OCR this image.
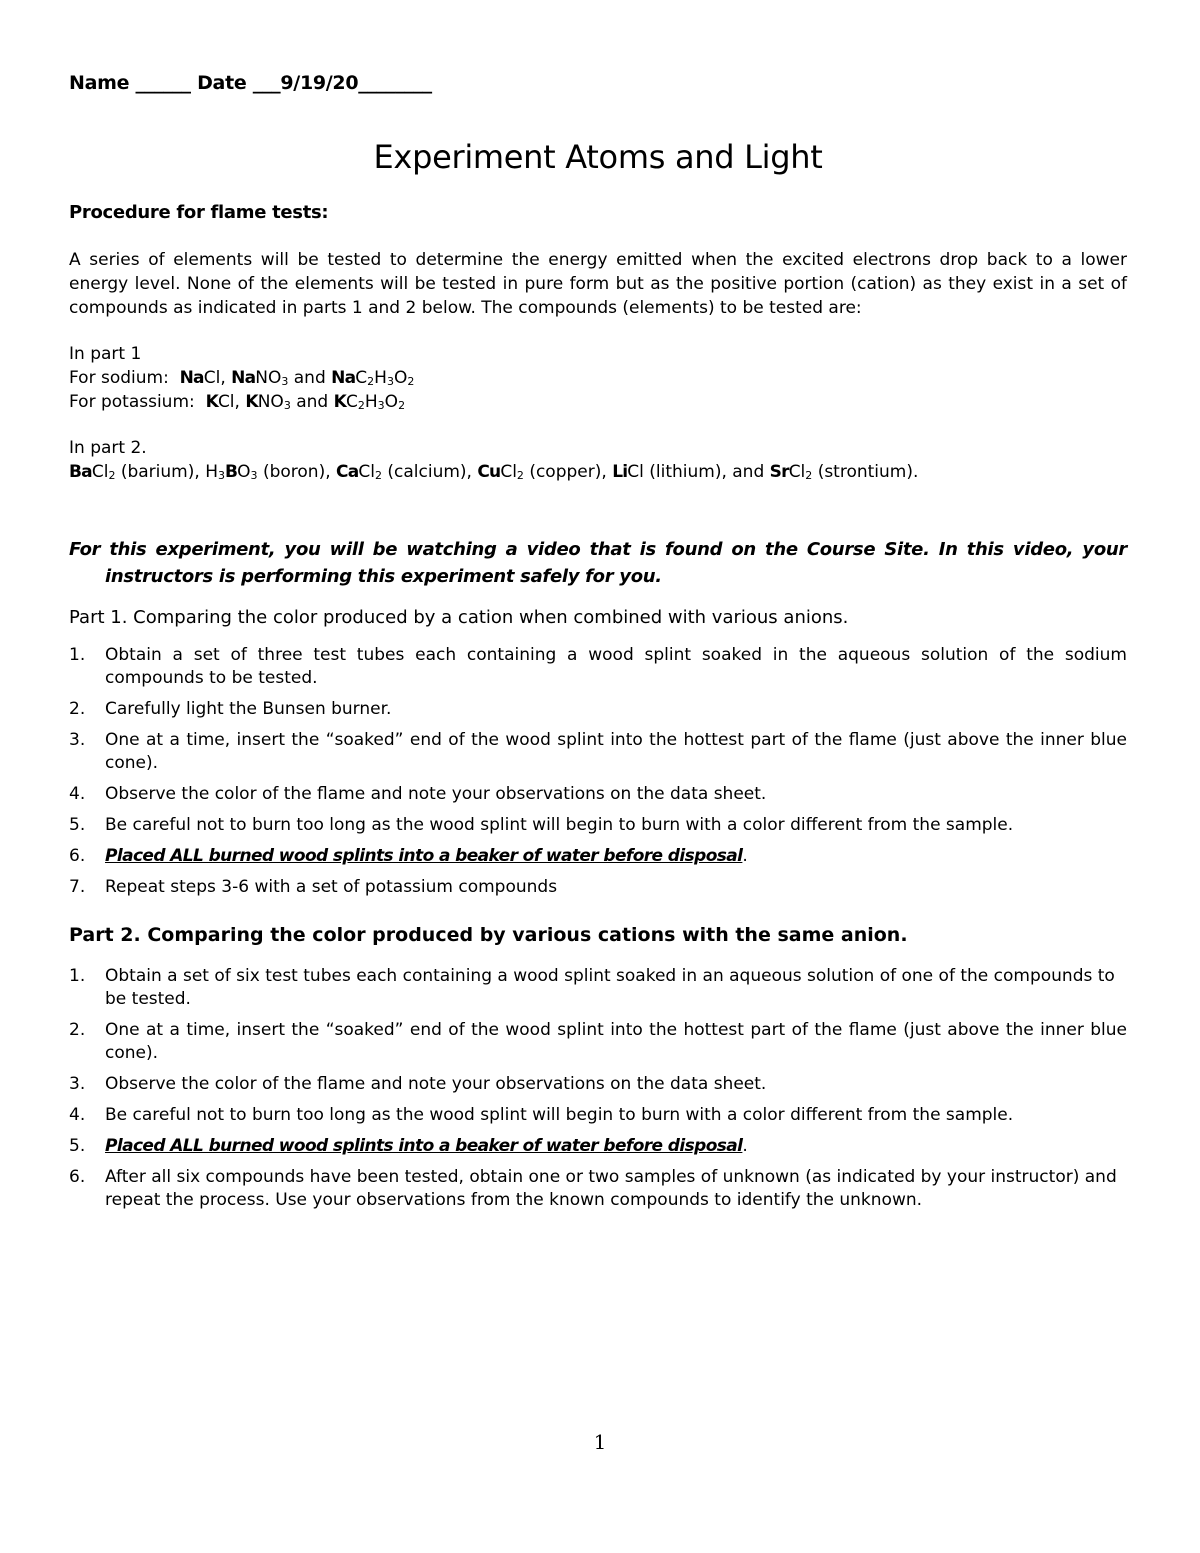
Name ______ Date ___9/19/20________
Experiment Atoms and Light
Procedure for flame tests:

A series of elements will be tested to determine the energy emitted when the excited electrons drop back to a lower energy level. None of the elements will be tested in pure form but as the positive portion (cation) as they exist in a set of compounds as indicated in parts 1 and 2 below. The compounds (elements) to be tested are:

In part 1
For sodium: NaCl, NaNO$_3$ and $NaC_2H_3O_2$
For potassium: KCl, $KNO_3$ and $KC_2H_3O_2$
In part 2.
BaCl$_2$ (barium), $H_3BO_3$ (boron), CaCl$_2$ (calcium), CuCl$_2$ (copper), LiCl (lithium), and SrCl$_2$ (strontium).

For this experiment, you will be watching a video that is found on the Course Site. In this video, your instructors is performing this experiment safely for you.

Part 1. Comparing the color produced by a cation when combined with various anions.

1. Obtain a set of three test tubes each containing a wood splint soaked in the aqueous solution of the sodium compounds to be tested.
2. Carefully light the Bunsen burner.
3. One at a time, insert the “soaked” end of the wood splint into the hottest part of the flame (just above the inner blue cone).
4. Observe the color of the flame and note your observations on the data sheet.
5. Be careful not to burn too long as the wood splint will begin to burn with a color different from the sample.
6. Placed ALL burned wood splints into a beaker of water before disposal.
7. Repeat steps 3-6 with a set of potassium compounds

Part 2. Comparing the color produced by various cations with the same anion.

1. Obtain a set of six test tubes each containing a wood splint soaked in an aqueous solution of one of the compounds to be tested.
2. One at a time, insert the “soaked” end of the wood splint into the hottest part of the flame (just above the inner blue cone).
3. Observe the color of the flame and note your observations on the data sheet.
4. Be careful not to burn too long as the wood splint will begin to burn with a color different from the sample.
5. Placed ALL burned wood splints into a beaker of water before disposal.
6. After all six compounds have been tested, obtain one or two samples of unknown (as indicated by your instructor) and repeat the process. Use your observations from the known compounds to identify the unknown.
1
